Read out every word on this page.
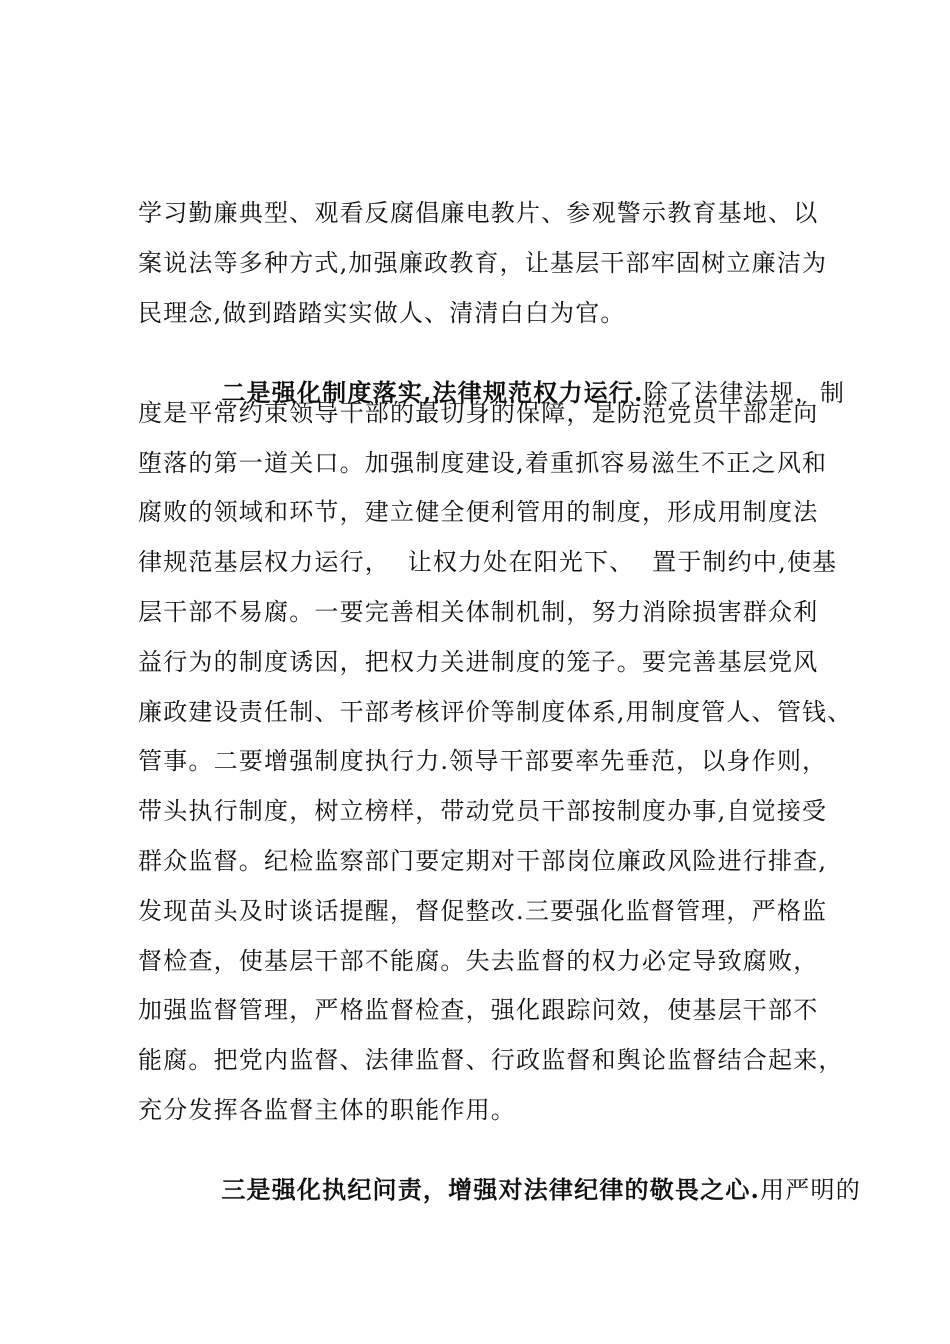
学习勤廉典型、观看反腐倡廉电教片、参观警示教育基地、以
案说法等多种方式,加强廉政教育，让基层干部牢固树立廉洁为
民理念,做到踏踏实实做人、清清白白为官。

二是强化制度落实,法律规范权力运行.除了法律法规，制

度是平常约束领导干部的最切身的保障，是防范党员干部走向
堕落的第一道关口。加强制度建设,着重抓容易滋生不正之风和
腐败的领域和环节，建立健全便利管用的制度，形成用制度法
律规范基层权力运行，  让权力处在阳光下、  置于制约中,使基
层干部不易腐。一要完善相关体制机制，努力消除损害群众利
益行为的制度诱因，把权力关进制度的笼子。要完善基层党风
廉政建设责任制、干部考核评价等制度体系,用制度管人、管钱、
管事。二要增强制度执行力.领导干部要率先垂范，以身作则，
带头执行制度，树立榜样，带动党员干部按制度办事,自觉接受
群众监督。纪检监察部门要定期对干部岗位廉政风险进行排查,
发现苗头及时谈话提醒，督促整改.三要强化监督管理，严格监
督检查，使基层干部不能腐。失去监督的权力必定导致腐败，
加强监督管理，严格监督检查，强化跟踪问效，使基层干部不
能腐。把党内监督、法律监督、行政监督和舆论监督结合起来，
充分发挥各监督主体的职能作用。

三是强化执纪问责，增强对法律纪律的敬畏之心.用严明的
